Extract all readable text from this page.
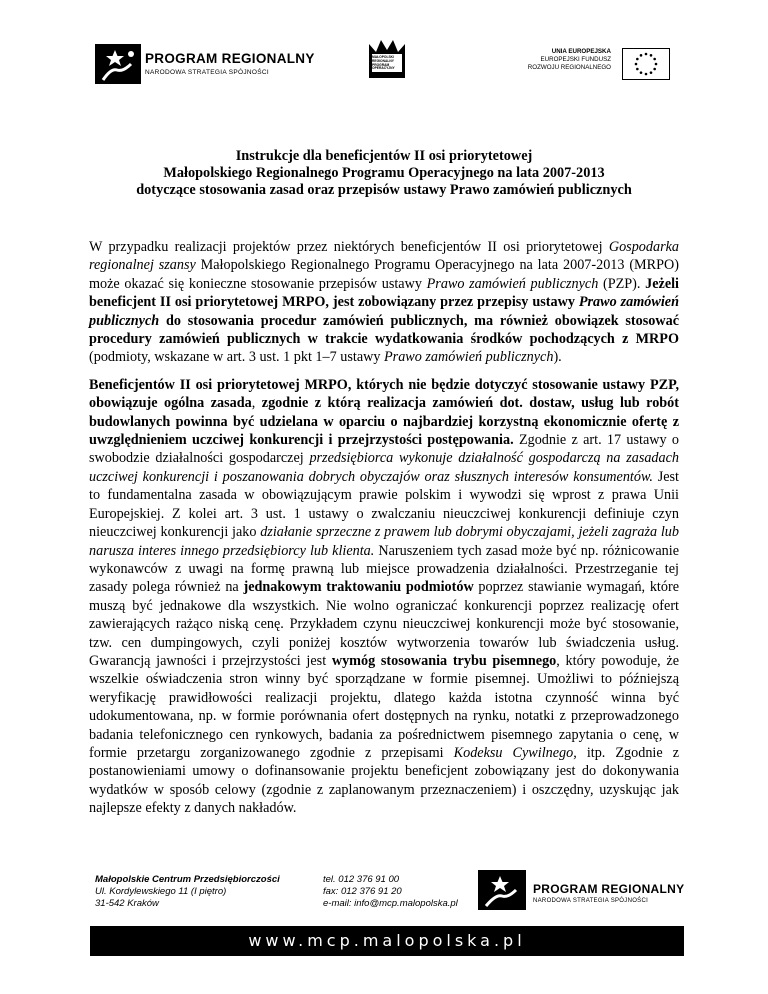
PROGRAM REGIONALNY
NARODOWA STRATEGIA SPÓJNOŚCI
MAŁOPOLSKI
REGIONALNY
PROGRAM
OPERACYJNY
UNIA EUROPEJSKA
EUROPEJSKI FUNDUSZ
ROZWOJU REGIONALNEGO
Instrukcje dla beneficjentów II osi priorytetowej
Małopolskiego Regionalnego Programu Operacyjnego na lata 2007-2013
dotyczące stosowania zasad oraz przepisów ustawy Prawo zamówień publicznych

W przypadku realizacji projektów przez niektórych beneficjentów II osi priorytetowej Gospodarka regionalnej szansy Małopolskiego Regionalnego Programu Operacyjnego na lata 2007-2013 (MRPO) może okazać się konieczne stosowanie przepisów ustawy Prawo zamówień publicznych (PZP). Jeżeli beneficjent II osi priorytetowej MRPO, jest zobowiązany przez przepisy ustawy Prawo zamówień publicznych do stosowania procedur zamówień publicznych, ma również obowiązek stosować procedury zamówień publicznych w trakcie wydatkowania środków pochodzących z MRPO (podmioty, wskazane w art. 3 ust. 1 pkt 1–7 ustawy Prawo zamówień publicznych).

Beneficjentów II osi priorytetowej MRPO, których nie będzie dotyczyć stosowanie ustawy PZP, obowiązuje ogólna zasada, zgodnie z którą realizacja zamówień dot. dostaw, usług lub robót budowlanych powinna być udzielana w oparciu o najbardziej korzystną ekonomicznie ofertę z uwzględnieniem uczciwej konkurencji i przejrzystości postępowania. Zgodnie z art. 17 ustawy o swobodzie działalności gospodarczej przedsiębiorca wykonuje działalność gospodarczą na zasadach uczciwej konkurencji i poszanowania dobrych obyczajów oraz słusznych interesów konsumentów. Jest to fundamentalna zasada w obowiązującym prawie polskim i wywodzi się wprost z prawa Unii Europejskiej. Z kolei art. 3 ust. 1 ustawy o zwalczaniu nieuczciwej konkurencji definiuje czyn nieuczciwej konkurencji jako działanie sprzeczne z prawem lub dobrymi obyczajami, jeżeli zagraża lub narusza interes innego przedsiębiorcy lub klienta. Naruszeniem tych zasad może być np. różnicowanie wykonawców z uwagi na formę prawną lub miejsce prowadzenia działalności. Przestrzeganie tej zasady polega również na jednakowym traktowaniu podmiotów poprzez stawianie wymagań, które muszą być jednakowe dla wszystkich. Nie wolno ograniczać konkurencji poprzez realizację ofert zawierających rażąco niską cenę. Przykładem czynu nieuczciwej konkurencji może być stosowanie, tzw. cen dumpingowych, czyli poniżej kosztów wytworzenia towarów lub świadczenia usług. Gwarancją jawności i przejrzystości jest wymóg stosowania trybu pisemnego, który powoduje, że wszelkie oświadczenia stron winny być sporządzane w formie pisemnej. Umożliwi to późniejszą weryfikację prawidłowości realizacji projektu, dlatego każda istotna czynność winna być udokumentowana, np. w formie porównania ofert dostępnych na rynku, notatki z przeprowadzonego badania telefonicznego cen rynkowych, badania za pośrednictwem pisemnego zapytania o cenę, w formie przetargu zorganizowanego zgodnie z przepisami Kodeksu Cywilnego, itp. Zgodnie z postanowieniami umowy o dofinansowanie projektu beneficjent zobowiązany jest do dokonywania wydatków w sposób celowy (zgodnie z zaplanowanym przeznaczeniem) i oszczędny, uzyskując jak najlepsze efekty z danych nakładów.

Małopolskie Centrum Przedsiębiorczości
Ul. Kordylewskiego 11 (I piętro)
31-542 Kraków
tel. 012 376 91 00
fax: 012 376 91 20
e-mail: info@mcp.malopolska.pl
PROGRAM REGIONALNY
NARODOWA STRATEGIA SPÓJNOŚCI
www.mcp.malopolska.pl
